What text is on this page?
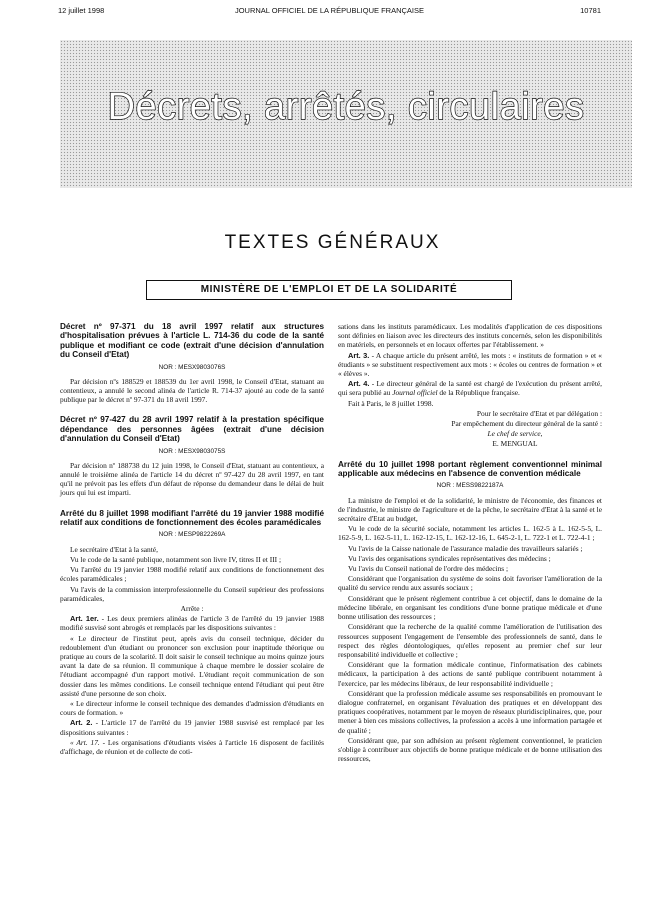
12 juillet 1998	JOURNAL OFFICIEL DE LA RÉPUBLIQUE FRANÇAISE	10781
Décrets, arrêtés, circulaires
TEXTES GÉNÉRAUX
MINISTÈRE DE L'EMPLOI ET DE LA SOLIDARITÉ
Décret nº 97-371 du 18 avril 1997 relatif aux structures d'hospitalisation prévues à l'article L. 714-36 du code de la santé publique et modifiant ce code (extrait d'une décision d'annulation du Conseil d'Etat)
NOR : MESX9803076S

Par décision nºs 188529 et 188539 du 1er avril 1998, le Conseil d'Etat, statuant au contentieux, a annulé le second alinéa de l'article R. 714-37 ajouté au code de la santé publique par le décret nº 97-371 du 18 avril 1997.

Décret nº 97-427 du 28 avril 1997 relatif à la prestation spécifique dépendance des personnes âgées (extrait d'une décision d'annulation du Conseil d'Etat)
NOR : MESX9803075S

Par décision nº 188738 du 12 juin 1998, le Conseil d'Etat, statuant au contentieux, a annulé le troisième alinéa de l'article 14 du décret nº 97-427 du 28 avril 1997, en tant qu'il ne prévoit pas les effets d'un défaut de réponse du demandeur dans le délai de huit jours qui lui est imparti.

Arrêté du 8 juillet 1998 modifiant l'arrêté du 19 janvier 1988 modifié relatif aux conditions de fonctionnement des écoles paramédicales
NOR : MESP9822269A

Le secrétaire d'Etat à la santé,

Vu le code de la santé publique, notamment son livre IV, titres II et III ;

Vu l'arrêté du 19 janvier 1988 modifié relatif aux conditions de fonctionnement des écoles paramédicales ;

Vu l'avis de la commission interprofessionnelle du Conseil supérieur des professions paramédicales,

Arrête :

Art. 1er. - Les deux premiers alinéas de l'article 3 de l'arrêté du 19 janvier 1988 modifié susvisé sont abrogés et remplacés par les dispositions suivantes :

« Le directeur de l'institut peut, après avis du conseil technique, décider du redoublement d'un étudiant ou prononcer son exclusion pour inaptitude théorique ou pratique au cours de la scolarité. Il doit saisir le conseil technique au moins quinze jours avant la date de sa réunion. Il communique à chaque membre le dossier scolaire de l'étudiant accompagné d'un rapport motivé. L'étudiant reçoit communication de son dossier dans les mêmes conditions. Le conseil technique entend l'étudiant qui peut être assisté d'une personne de son choix.

« Le directeur informe le conseil technique des demandes d'admission d'étudiants en cours de formation. »

Art. 2. - L'article 17 de l'arrêté du 19 janvier 1988 susvisé est remplacé par les dispositions suivantes :

« Art. 17. - Les organisations d'étudiants visées à l'article 16 disposent de facilités d'affichage, de réunion et de collecte de coti-

sations dans les instituts paramédicaux. Les modalités d'application de ces dispositions sont définies en liaison avec les directeurs des instituts concernés, selon les disponibilités en matériels, en personnels et en locaux offertes par l'établissement. »

Art. 3. - A chaque article du présent arrêté, les mots : « instituts de formation » et « étudiants » se substituent respectivement aux mots : « écoles ou centres de formation » et « élèves ».

Art. 4. - Le directeur général de la santé est chargé de l'exécution du présent arrêté, qui sera publié au Journal officiel de la République française.

Fait à Paris, le 8 juillet 1998.

Pour le secrétaire d'Etat et par délégation :

Par empêchement du directeur général de la santé :

Le chef de service,

E. MENGUAL

Arrêté du 10 juillet 1998 portant règlement conventionnel minimal applicable aux médecins en l'absence de convention médicale
NOR : MESS9822187A

La ministre de l'emploi et de la solidarité, le ministre de l'économie, des finances et de l'industrie, le ministre de l'agriculture et de la pêche, le secrétaire d'Etat à la santé et le secrétaire d'Etat au budget,

Vu le code de la sécurité sociale, notamment les articles L. 162-5 à L. 162-5-5, L. 162-5-9, L. 162-5-11, L. 162-12-15, L. 162-12-16, L. 645-2-1, L. 722-1 et L. 722-4-1 ;

Vu l'avis de la Caisse nationale de l'assurance maladie des travailleurs salariés ;

Vu l'avis des organisations syndicales représentatives des médecins ;

Vu l'avis du Conseil national de l'ordre des médecins ;

Considérant que l'organisation du système de soins doit favoriser l'amélioration de la qualité du service rendu aux assurés sociaux ;

Considérant que le présent règlement contribue à cet objectif, dans le domaine de la médecine libérale, en organisant les conditions d'une bonne pratique médicale et d'une bonne utilisation des ressources ;

Considérant que la recherche de la qualité comme l'amélioration de l'utilisation des ressources supposent l'engagement de l'ensemble des professionnels de santé, dans le respect des règles déontologiques, qu'elles reposent au premier chef sur leur responsabilité individuelle et collective ;

Considérant que la formation médicale continue, l'informatisation des cabinets médicaux, la participation à des actions de santé publique contribuent notamment à l'exercice, par les médecins libéraux, de leur responsabilité individuelle ;

Considérant que la profession médicale assume ses responsabilités en promouvant le dialogue confraternel, en organisant l'évaluation des pratiques et en développant des pratiques coopératives, notamment par le moyen de réseaux pluridisciplinaires, que, pour mener à bien ces missions collectives, la profession a accès à une information partagée et de qualité ;

Considérant que, par son adhésion au présent règlement conventionnel, le praticien s'oblige à contribuer aux objectifs de bonne pratique médicale et de bonne utilisation des ressources,
